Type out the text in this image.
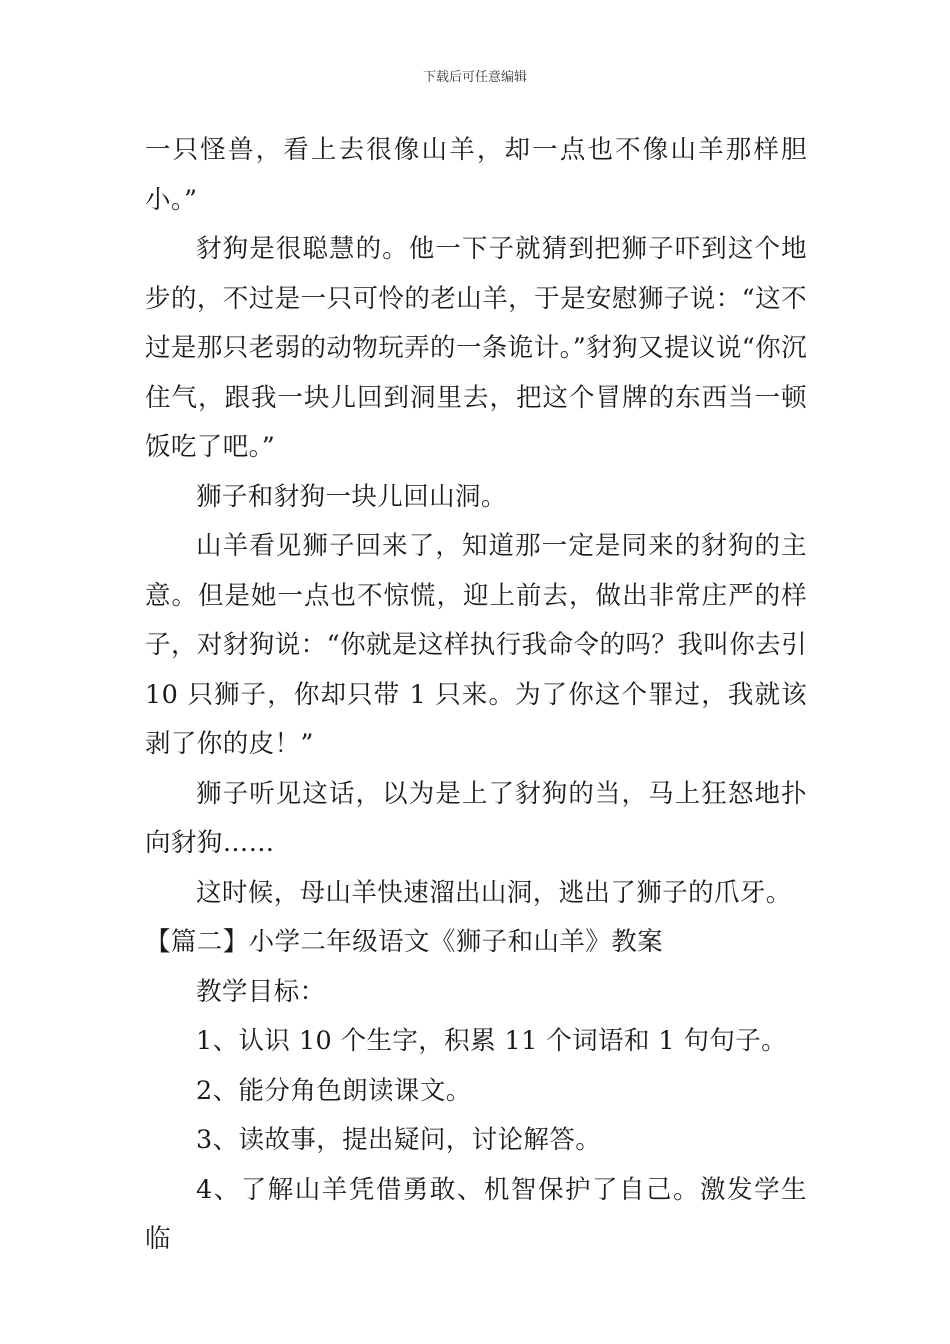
下载后可任意编辑

一只怪兽，看上去很像山羊，却一点也不像山羊那样胆小。”

豺狗是很聪慧的。他一下子就猜到把狮子吓到这个地步的，不过是一只可怜的老山羊，于是安慰狮子说：“这不过是那只老弱的动物玩弄的一条诡计。”豺狗又提议说“你沉住气，跟我一块儿回到洞里去，把这个冒牌的东西当一顿饭吃了吧。”

狮子和豺狗一块儿回山洞。

山羊看见狮子回来了，知道那一定是同来的豺狗的主意。但是她一点也不惊慌，迎上前去，做出非常庄严的样子，对豺狗说：“你就是这样执行我命令的吗？我叫你去引 10 只狮子，你却只带 1 只来。为了你这个罪过，我就该剥了你的皮！”

狮子听见这话，以为是上了豺狗的当，马上狂怒地扑向豺狗……

这时候，母山羊快速溜出山洞，逃出了狮子的爪牙。

【篇二】小学二年级语文《狮子和山羊》教案

教学目标：

1、认识 10 个生字，积累 11 个词语和 1 句句子。

2、能分角色朗读课文。

3、读故事，提出疑问，讨论解答。

4、了解山羊凭借勇敢、机智保护了自己。激发学生临
